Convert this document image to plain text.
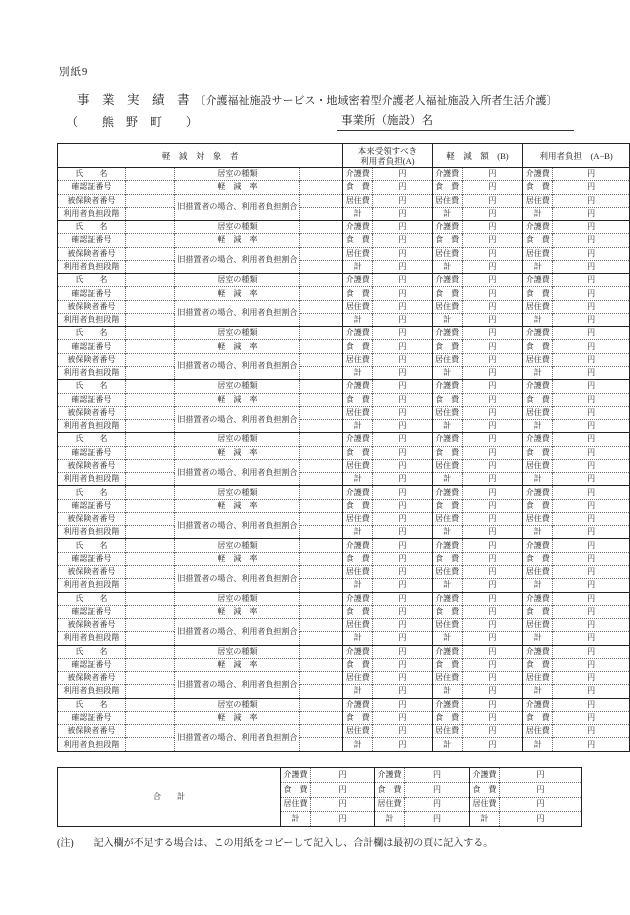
別紙9
事　業　実　績　書 〔介護福祉施設サービス・地域密着型介護老人福祉施設入所者生活介護〕
（　　熊　野　町　　）	事業所（施設）名
軽　減　対　象　者				本来受領すべき
利用者負担(A)		軽　減　額　(B)		利用者負担　(A−B)	
氏　　名		居室の種類		介護費	円	介護費	円	介護費	円
確認証番号		軽　減　率		食　費	円	食　費	円	食　費	円
被保険者番号		旧措置者の場合、利用者負担割合		居住費	円	居住費	円	居住費	円
利用者負担段階				計	円	計	円	計	円
氏　　名		居室の種類		介護費	円	介護費	円	介護費	円
確認証番号		軽　減　率		食　費	円	食　費	円	食　費	円
被保険者番号		旧措置者の場合、利用者負担割合		居住費	円	居住費	円	居住費	円
利用者負担段階				計	円	計	円	計	円
氏　　名		居室の種類		介護費	円	介護費	円	介護費	円
確認証番号		軽　減　率		食　費	円	食　費	円	食　費	円
被保険者番号		旧措置者の場合、利用者負担割合		居住費	円	居住費	円	居住費	円
利用者負担段階				計	円	計	円	計	円
氏　　名		居室の種類		介護費	円	介護費	円	介護費	円
確認証番号		軽　減　率		食　費	円	食　費	円	食　費	円
被保険者番号		旧措置者の場合、利用者負担割合		居住費	円	居住費	円	居住費	円
利用者負担段階				計	円	計	円	計	円
氏　　名		居室の種類		介護費	円	介護費	円	介護費	円
確認証番号		軽　減　率		食　費	円	食　費	円	食　費	円
被保険者番号		旧措置者の場合、利用者負担割合		居住費	円	居住費	円	居住費	円
利用者負担段階				計	円	計	円	計	円
氏　　名		居室の種類		介護費	円	介護費	円	介護費	円
確認証番号		軽　減　率		食　費	円	食　費	円	食　費	円
被保険者番号		旧措置者の場合、利用者負担割合		居住費	円	居住費	円	居住費	円
利用者負担段階				計	円	計	円	計	円
氏　　名		居室の種類		介護費	円	介護費	円	介護費	円
確認証番号		軽　減　率		食　費	円	食　費	円	食　費	円
被保険者番号		旧措置者の場合、利用者負担割合		居住費	円	居住費	円	居住費	円
利用者負担段階				計	円	計	円	計	円
氏　　名		居室の種類		介護費	円	介護費	円	介護費	円
確認証番号		軽　減　率		食　費	円	食　費	円	食　費	円
被保険者番号		旧措置者の場合、利用者負担割合		居住費	円	居住費	円	居住費	円
利用者負担段階				計	円	計	円	計	円
氏　　名		居室の種類		介護費	円	介護費	円	介護費	円
確認証番号		軽　減　率		食　費	円	食　費	円	食　費	円
被保険者番号		旧措置者の場合、利用者負担割合		居住費	円	居住費	円	居住費	円
利用者負担段階				計	円	計	円	計	円
氏　　名		居室の種類		介護費	円	介護費	円	介護費	円
確認証番号		軽　減　率		食　費	円	食　費	円	食　費	円
被保険者番号		旧措置者の場合、利用者負担割合		居住費	円	居住費	円	居住費	円
利用者負担段階				計	円	計	円	計	円
氏　　名		居室の種類		介護費	円	介護費	円	介護費	円
確認証番号		軽　減　率		食　費	円	食　費	円	食　費	円
被保険者番号		旧措置者の場合、利用者負担割合		居住費	円	居住費	円	居住費	円
利用者負担段階				計	円	計	円	計	円
合　　計	介護費	円	介護費	円	介護費	円
	食　費	円	食　費	円	食　費	円
	居住費	円	居住費	円	居住費	円
	計	円	計	円	計	円
(注)　　記入欄が不足する場合は、この用紙をコピーして記入し、合計欄は最初の頁に記入する。
